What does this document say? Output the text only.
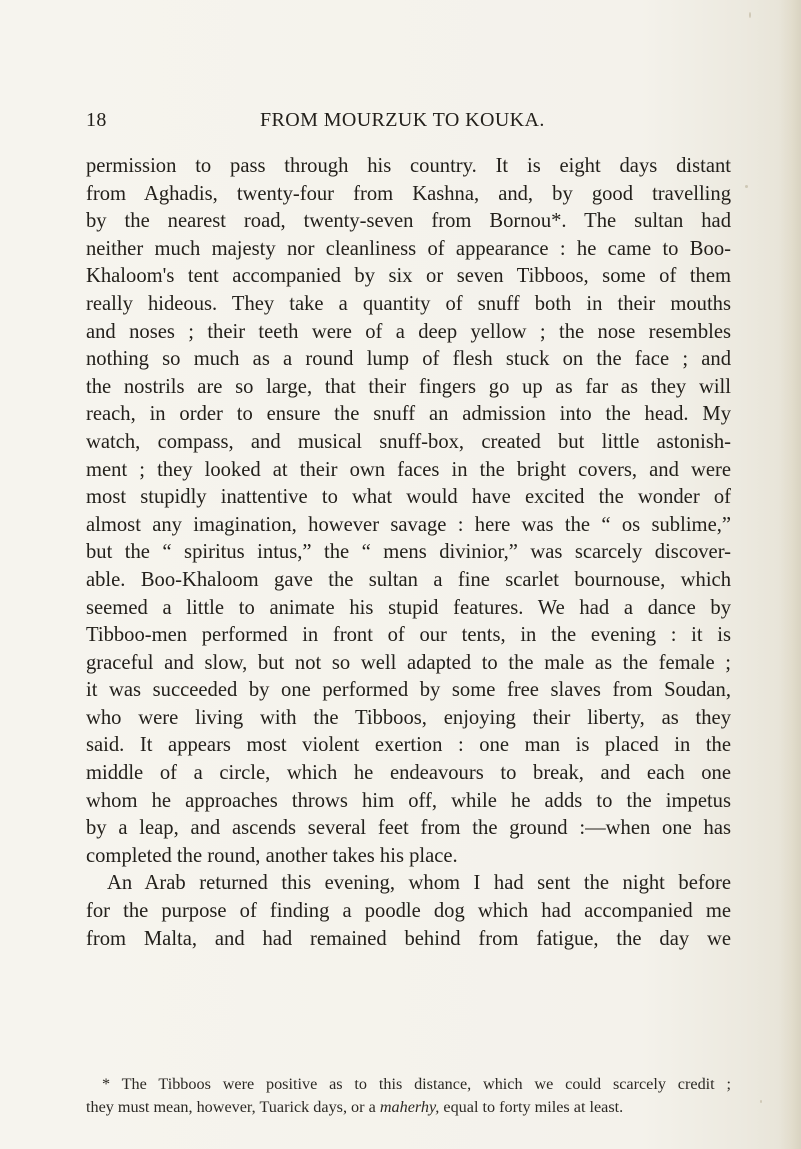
18	FROM MOURZUK TO KOUKA.

permission to pass through his country. It is eight days distant

from Aghadis, twenty-four from Kashna, and, by good travelling

by the nearest road, twenty-seven from Bornou*. The sultan had

neither much majesty nor cleanliness of appearance : he came to Boo-

Khaloom's tent accompanied by six or seven Tibboos, some of them

really hideous. They take a quantity of snuff both in their mouths

and noses ; their teeth were of a deep yellow ; the nose resembles

nothing so much as a round lump of flesh stuck on the face ; and

the nostrils are so large, that their fingers go up as far as they will

reach, in order to ensure the snuff an admission into the head. My

watch, compass, and musical snuff-box, created but little astonish-

ment ; they looked at their own faces in the bright covers, and were

most stupidly inattentive to what would have excited the wonder of

almost any imagination, however savage : here was the “ os sublime,”

but the “ spiritus intus,” the “ mens divinior,” was scarcely discover-

able. Boo-Khaloom gave the sultan a fine scarlet bournouse, which

seemed a little to animate his stupid features. We had a dance by

Tibboo-men performed in front of our tents, in the evening : it is

graceful and slow, but not so well adapted to the male as the female ;

it was succeeded by one performed by some free slaves from Soudan,

who were living with the Tibboos, enjoying their liberty, as they

said. It appears most violent exertion : one man is placed in the

middle of a circle, which he endeavours to break, and each one

whom he approaches throws him off, while he adds to the impetus

by a leap, and ascends several feet from the ground :—when one has

completed the round, another takes his place.

An Arab returned this evening, whom I had sent the night before

for the purpose of finding a poodle dog which had accompanied me

from Malta, and had remained behind from fatigue, the day we

* The Tibboos were positive as to this distance, which we could scarcely credit ;

they must mean, however, Tuarick days, or a maherhy, equal to forty miles at least.
